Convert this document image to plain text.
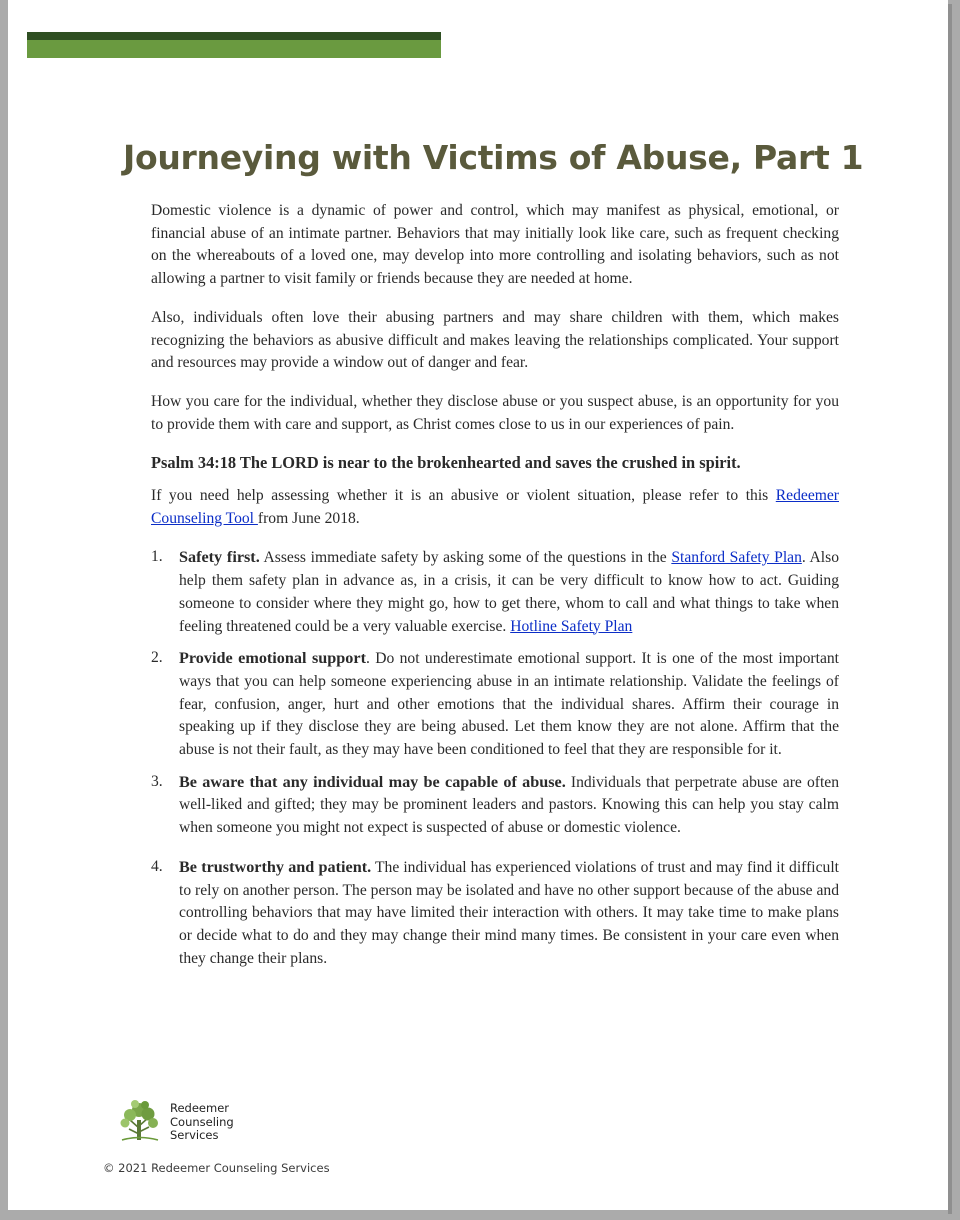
Journeying with Victims of Abuse, Part 1

Domestic violence is a dynamic of power and control, which may manifest as physical, emotional, or financial abuse of an intimate partner. Behaviors that may initially look like care, such as frequent checking on the whereabouts of a loved one, may develop into more controlling and isolating behaviors, such as not allowing a partner to visit family or friends because they are needed at home.

Also, individuals often love their abusing partners and may share children with them, which makes recognizing the behaviors as abusive difficult and makes leaving the relationships complicated. Your support and resources may provide a window out of danger and fear.

How you care for the individual, whether they disclose abuse or you suspect abuse, is an opportunity for you to provide them with care and support, as Christ comes close to us in our experiences of pain.

Psalm 34:18 The LORD is near to the brokenhearted and saves the crushed in spirit.

If you need help assessing whether it is an abusive or violent situation, please refer to this Redeemer Counseling Tool from June 2018.

1. Safety first. Assess immediate safety by asking some of the questions in the Stanford Safety Plan. Also help them safety plan in advance as, in a crisis, it can be very difficult to know how to act. Guiding someone to consider where they might go, how to get there, whom to call and what things to take when feeling threatened could be a very valuable exercise. Hotline Safety Plan
2. Provide emotional support. Do not underestimate emotional support. It is one of the most important ways that you can help someone experiencing abuse in an intimate relationship. Validate the feelings of fear, confusion, anger, hurt and other emotions that the individual shares. Affirm their courage in speaking up if they disclose they are being abused. Let them know they are not alone. Affirm that the abuse is not their fault, as they may have been conditioned to feel that they are responsible for it.
3. Be aware that any individual may be capable of abuse. Individuals that perpetrate abuse are often well-liked and gifted; they may be prominent leaders and pastors. Knowing this can help you stay calm when someone you might not expect is suspected of abuse or domestic violence.
4. Be trustworthy and patient. The individual has experienced violations of trust and may find it difficult to rely on another person. The person may be isolated and have no other support because of the abuse and controlling behaviors that may have limited their interaction with others. It may take time to make plans or decide what to do and they may change their mind many times. Be consistent in your care even when they change their plans.
Redeemer
Counseling
Services
© 2021 Redeemer Counseling Services
